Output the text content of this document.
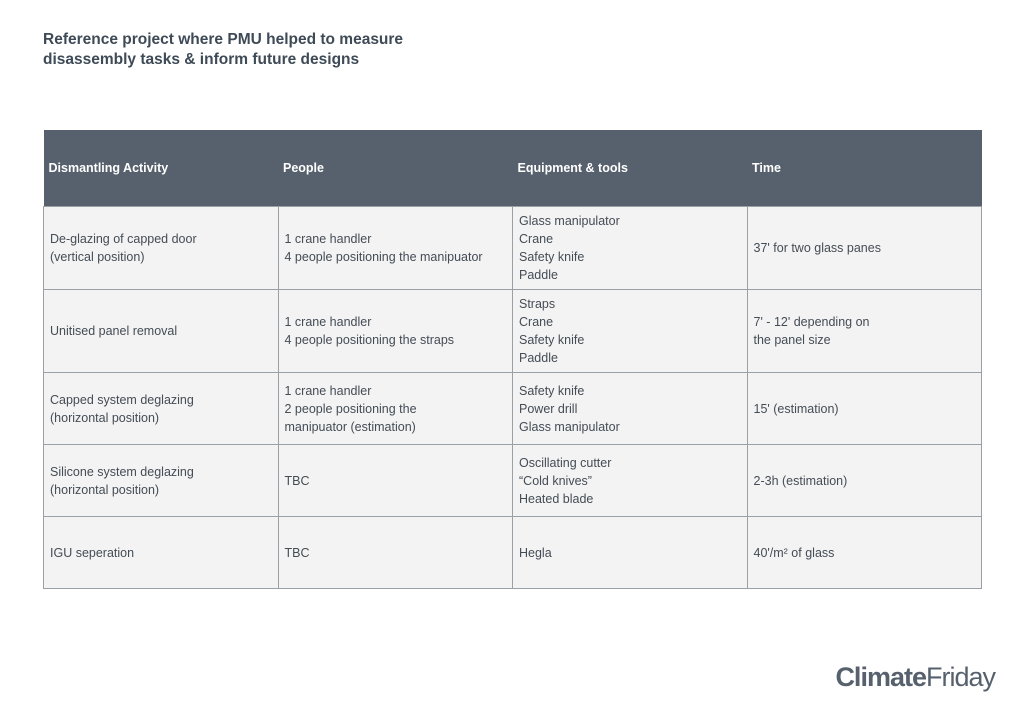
Reference project where PMU helped to measure
disassembly tasks & inform future designs
Dismantling Activity	People	Equipment & tools	Time

De-glazing of capped door
(vertical position)	1 crane handler
4 people positioning the manipuator	Glass manipulator
Crane
Safety knife
Paddle	37' for two glass panes

Unitised panel removal	1 crane handler
4 people positioning the straps	Straps
Crane
Safety knife
Paddle	7' - 12' depending on
the panel size

Capped system deglazing
(horizontal position)	1 crane handler
2 people positioning the
manipuator (estimation)	Safety knife
Power drill
Glass manipulator	15' (estimation)

Silicone system deglazing
(horizontal position)	TBC	Oscillating cutter
“Cold knives”
Heated blade	2-3h (estimation)

IGU seperation	TBC	Hegla	40'/m² of glass
ClimateFriday
